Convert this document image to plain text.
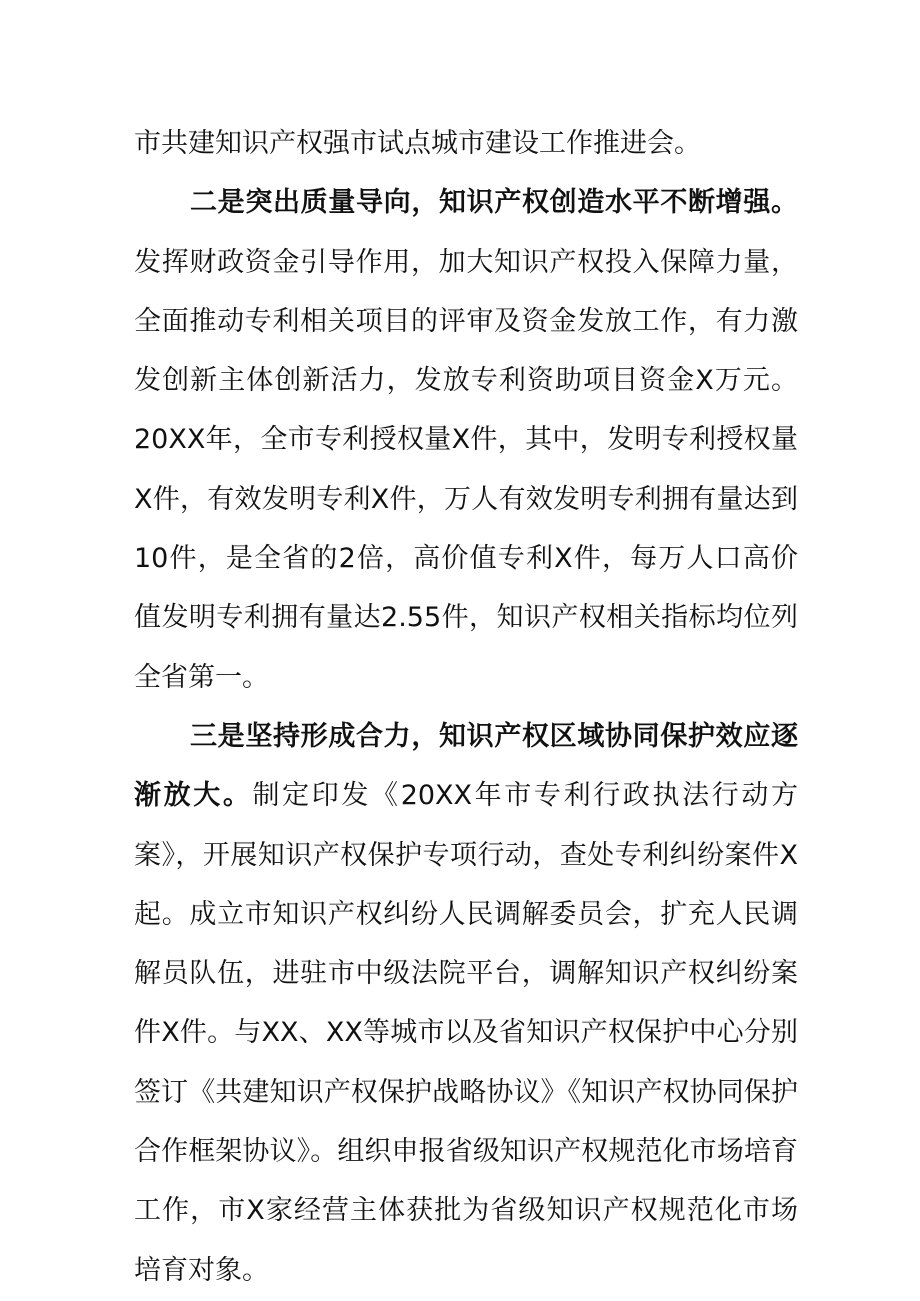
市共建知识产权强市试点城市建设工作推进会。

二是突出质量导向，知识产权创造水平不断增强。发挥财政资金引导作用，加大知识产权投入保障力量，全面推动专利相关项目的评审及资金发放工作，有力激发创新主体创新活力，发放专利资助项目资金X万元。20XX年，全市专利授权量X件，其中，发明专利授权量X件，有效发明专利X件，万人有效发明专利拥有量达到10件，是全省的2倍，高价值专利X件，每万人口高价值发明专利拥有量达2.55件，知识产权相关指标均位列全省第一。

三是坚持形成合力，知识产权区域协同保护效应逐渐放大。制定印发《20XX年市专利行政执法行动方案》，开展知识产权保护专项行动，查处专利纠纷案件X起。成立市知识产权纠纷人民调解委员会，扩充人民调解员队伍，进驻市中级法院平台，调解知识产权纠纷案件X件。与XX、XX等城市以及省知识产权保护中心分别签订《共建知识产权保护战略协议》《知识产权协同保护合作框架协议》。组织申报省级知识产权规范化市场培育工作，市X家经营主体获批为省级知识产权规范化市场培育对象。
